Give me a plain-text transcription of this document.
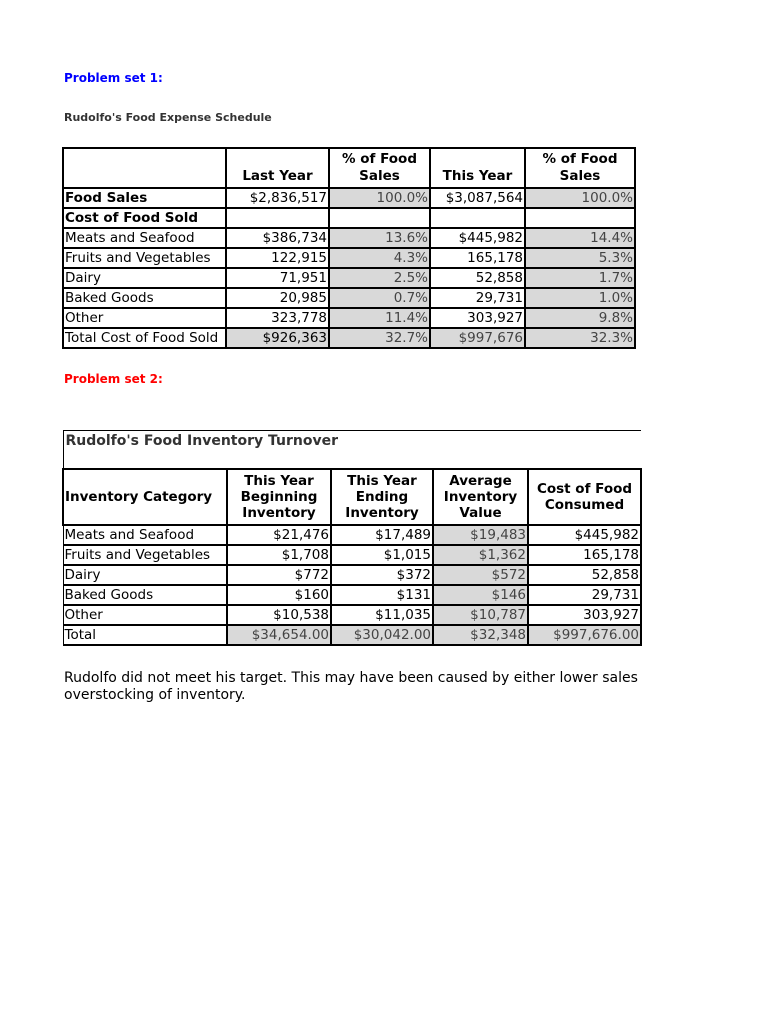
Problem set 1:
Rudolfo's Food Expense Schedule
	Last Year	% of Food Sales	This Year	% of Food Sales
Food Sales	$2,836,517	100.0%	$3,087,564	100.0%
Cost of Food Sold				
Meats and Seafood	$386,734	13.6%	$445,982	14.4%
Fruits and Vegetables	122,915	4.3%	165,178	5.3%
Dairy	71,951	2.5%	52,858	1.7%
Baked Goods	20,985	0.7%	29,731	1.0%
Other	323,778	11.4%	303,927	9.8%
Total Cost of Food Sold	$926,363	32.7%	$997,676	32.3%
Problem set 2:
Rudolfo's Food Inventory Turnover				
Inventory Category	This Year Beginning Inventory	This Year Ending Inventory	Average Inventory Value	Cost of Food Consumed
Meats and Seafood	$21,476	$17,489	$19,483	$445,982
Fruits and Vegetables	$1,708	$1,015	$1,362	165,178
Dairy	$772	$372	$572	52,858
Baked Goods	$160	$131	$146	29,731
Other	$10,538	$11,035	$10,787	303,927
Total	$34,654.00	$30,042.00	$32,348	$997,676.00
Rudolfo did not meet his target. This may have been caused by either lower sales overstocking of inventory.
